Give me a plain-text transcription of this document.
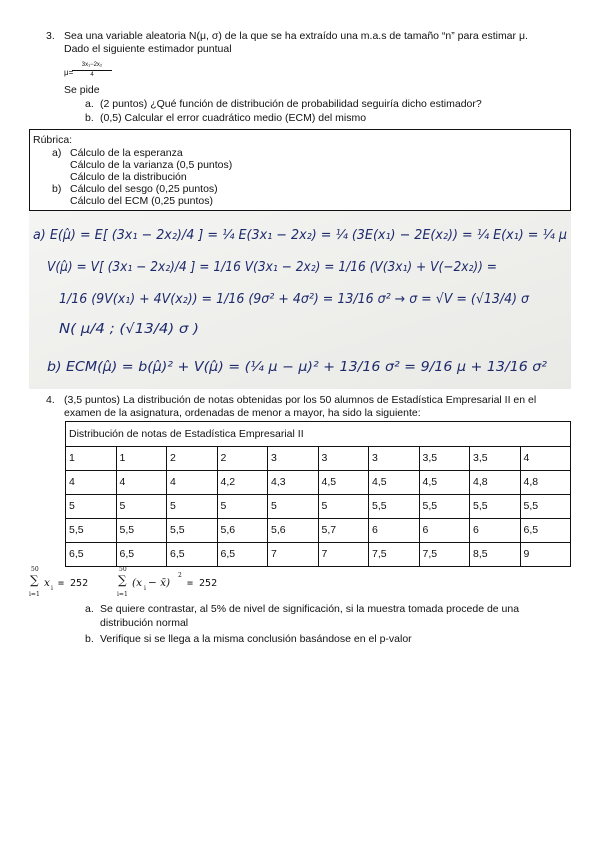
3. Sea una variable aleatoria N(μ, σ) de la que se ha extraído una m.a.s de tamaño “n” para estimar μ.
Dado el siguiente estimador puntual
μ=
3x₁−2x₂
4
Se pide
a. (2 puntos) ¿Qué función de distribución de probabilidad seguiría dicho estimador?
b. (0,5) Calcular el error cuadrático medio (ECM) del mismo
Rúbrica:
a) Cálculo de la esperanza
Cálculo de la varianza (0,5 puntos)
Cálculo de la distribución
b) Cálculo del sesgo (0,25 puntos)
Cálculo del ECM (0,25 puntos)
a) E(μ̂) = E[ (3x₁ − 2x₂)/4 ] = ¼ E(3x₁ − 2x₂) = ¼ (3E(x₁) − 2E(x₂)) = ¼ E(x₁) = ¼ μ
V(μ̂) = V[ (3x₁ − 2x₂)/4 ] = 1/16 V(3x₁ − 2x₂) = 1/16 (V(3x₁) + V(−2x₂)) =
1/16 (9V(x₁) + 4V(x₂)) = 1/16 (9σ² + 4σ²) = 13/16 σ² → σ = √V = (√13/4) σ
N( μ/4 ; (√13/4) σ )
b) ECM(μ̂) = b(μ̂)² + V(μ̂) = (¼ μ − μ)² + 13/16 σ² = 9/16 μ + 13/16 σ²
4. (3,5 puntos) La distribución de notas obtenidas por los 50 alumnos de Estadística Empresarial II en el
examen de la asignatura, ordenadas de menor a mayor, ha sido la siguiente:
Distribución de notas de Estadística Empresarial II									
1	1	2	2	3	3	3	3,5	3,5	4
4	4	4	4,2	4,3	4,5	4,5	4,5	4,8	4,8
5	5	5	5	5	5	5,5	5,5	5,5	5,5
5,5	5,5	5,5	5,6	5,6	5,7	6	6	6	6,5
6,5	6,5	6,5	6,5	7	7	7,5	7,5	8,5	9
50
∑
i=1
x i = 252
50
∑
i=1
(x i − x̄)
2
= 252
a. Se quiere contrastar, al 5% de nivel de significación, si la muestra tomada procede de una
distribución normal
b. Verifique si se llega a la misma conclusión basándose en el p-valor
